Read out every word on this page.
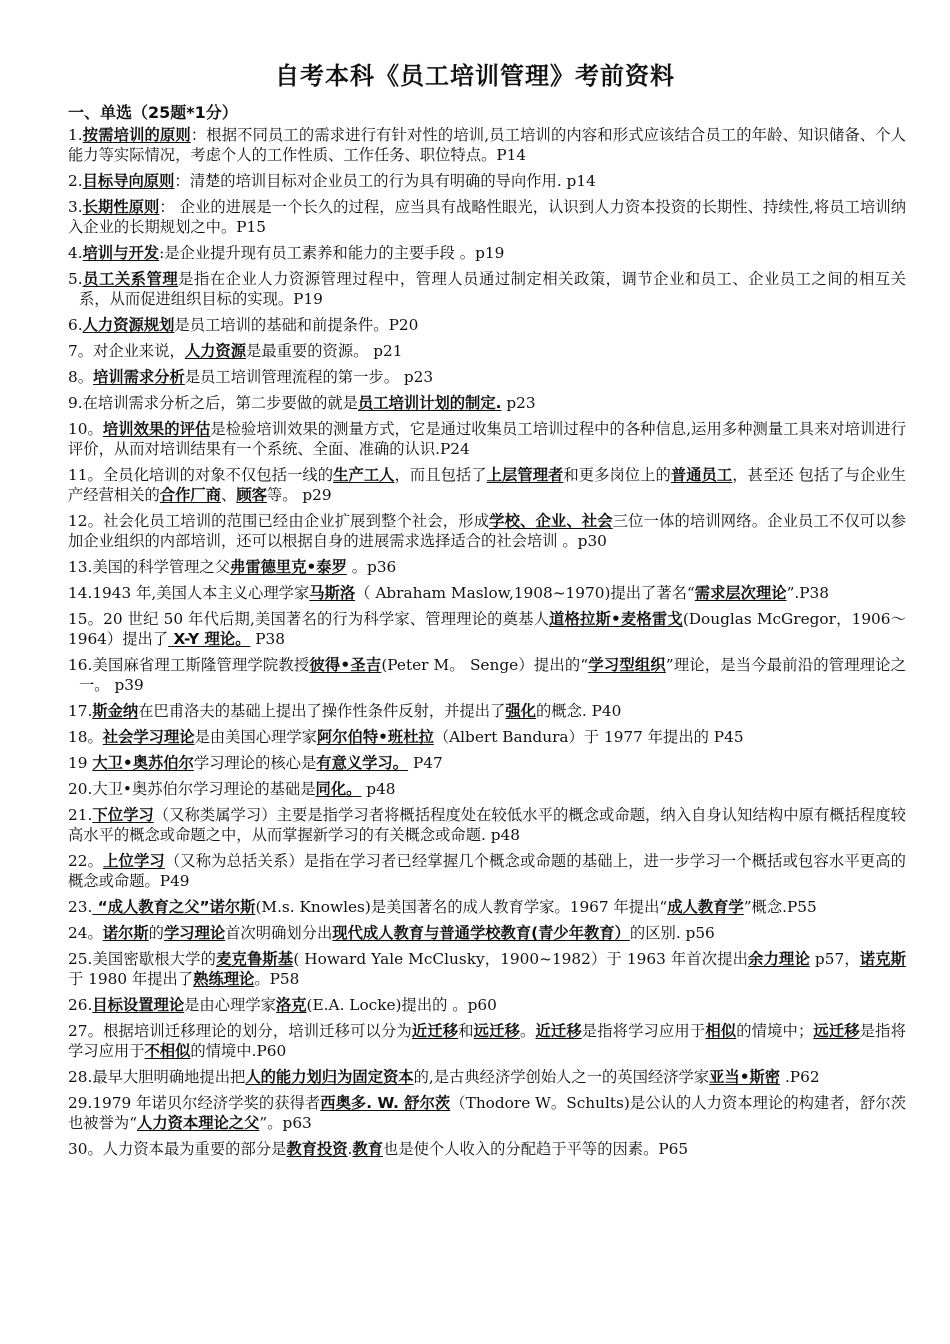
自考本科《员工培训管理》考前资料
一、单选（25题*1分）
1.按需培训的原则：根据不同员工的需求进行有针对性的培训,员工培训的内容和形式应该结合员工的年龄、知识储备、个人能力等实际情况，考虑个人的工作性质、工作任务、职位特点。P14
2.目标导向原则：清楚的培训目标对企业员工的行为具有明确的导向作用. p14
3.长期性原则： 企业的进展是一个长久的过程，应当具有战略性眼光，认识到人力资本投资的长期性、持续性,将员工培训纳入企业的长期规划之中。P15
4.培训与开发:是企业提升现有员工素养和能力的主要手段 。p19
5.员工关系管理是指在企业人力资源管理过程中，管理人员通过制定相关政策，调节企业和员工、企业员工之间的相互关系，从而促进组织目标的实现。P19
6.人力资源规划是员工培训的基础和前提条件。P20
7。对企业来说，人力资源是最重要的资源。 p21
8。培训需求分析是员工培训管理流程的第一步。 p23
9.在培训需求分析之后，第二步要做的就是员工培训计划的制定. p23
10。培训效果的评估是检验培训效果的测量方式，它是通过收集员工培训过程中的各种信息,运用多种测量工具来对培训进行评价，从而对培训结果有一个系统、全面、准确的认识.P24
11。全员化培训的对象不仅包括一线的生产工人，而且包括了上层管理者和更多岗位上的普通员工，甚至还 包括了与企业生产经营相关的合作厂商、顾客等。 p29
12。社会化员工培训的范围已经由企业扩展到整个社会，形成学校、企业、社会三位一体的培训网络。企业员工不仅可以参加企业组织的内部培训，还可以根据自身的进展需求选择适合的社会培训 。p30
13.美国的科学管理之父弗雷德里克•泰罗 。p36
14.1943 年,美国人本主义心理学家马斯洛（ Abraham Maslow,1908~1970)提出了著名“需求层次理论”.P38
15。20 世纪 50 年代后期,美国著名的行为科学家、管理理论的奠基人道格拉斯•麦格雷戈(Douglas McGregor，1906～ 1964）提出了 X-Y 理论。 P38
16.美国麻省理工斯隆管理学院教授彼得•圣吉(Peter M。 Senge）提出的“学习型组织”理论，是当今最前沿的管理理论之一。 p39
17.斯金纳在巴甫洛夫的基础上提出了操作性条件反射，并提出了强化的概念. P40
18。社会学习理论是由美国心理学家阿尔伯特•班杜拉（Albert Bandura）于 1977 年提出的 P45
19 大卫•奥苏伯尔学习理论的核心是有意义学习。 P47
20.大卫•奥苏伯尔学习理论的基础是同化。 p48
21.下位学习（又称类属学习）主要是指学习者将概括程度处在较低水平的概念或命题，纳入自身认知结构中原有概括程度较高水平的概念或命题之中，从而掌握新学习的有关概念或命题. p48
22。上位学习（又称为总括关系）是指在学习者已经掌握几个概念或命题的基础上，进一步学习一个概括或包容水平更高的概念或命题。P49
23. “成人教育之父”诺尔斯(M.s. Knowles)是美国著名的成人教育学家。1967 年提出“成人教育学”概念.P55
24。诺尔斯的学习理论首次明确划分出现代成人教育与普通学校教育(青少年教育）的区别. p56
25.美国密歇根大学的麦克鲁斯基( Howard Yale McClusky，1900~1982）于 1963 年首次提出余力理论 p57，诺克斯于 1980 年提出了熟练理论。P58
26.目标设置理论是由心理学家洛克(E.A. Locke)提出的 。p60
27。根据培训迁移理论的划分，培训迁移可以分为近迁移和远迁移。近迁移是指将学习应用于相似的情境中；远迁移是指将学习应用于不相似的情境中.P60
28.最早大胆明确地提出把人的能力划归为固定资本的,是古典经济学创始人之一的英国经济学家亚当•斯密 .P62
29.1979 年诺贝尔经济学奖的获得者西奥多. W. 舒尔茨（Thodore W。Schults)是公认的人力资本理论的构建者，舒尔茨 也被誉为“人力资本理论之父”。p63
30。人力资本最为重要的部分是教育投资.教育也是使个人收入的分配趋于平等的因素。P65
